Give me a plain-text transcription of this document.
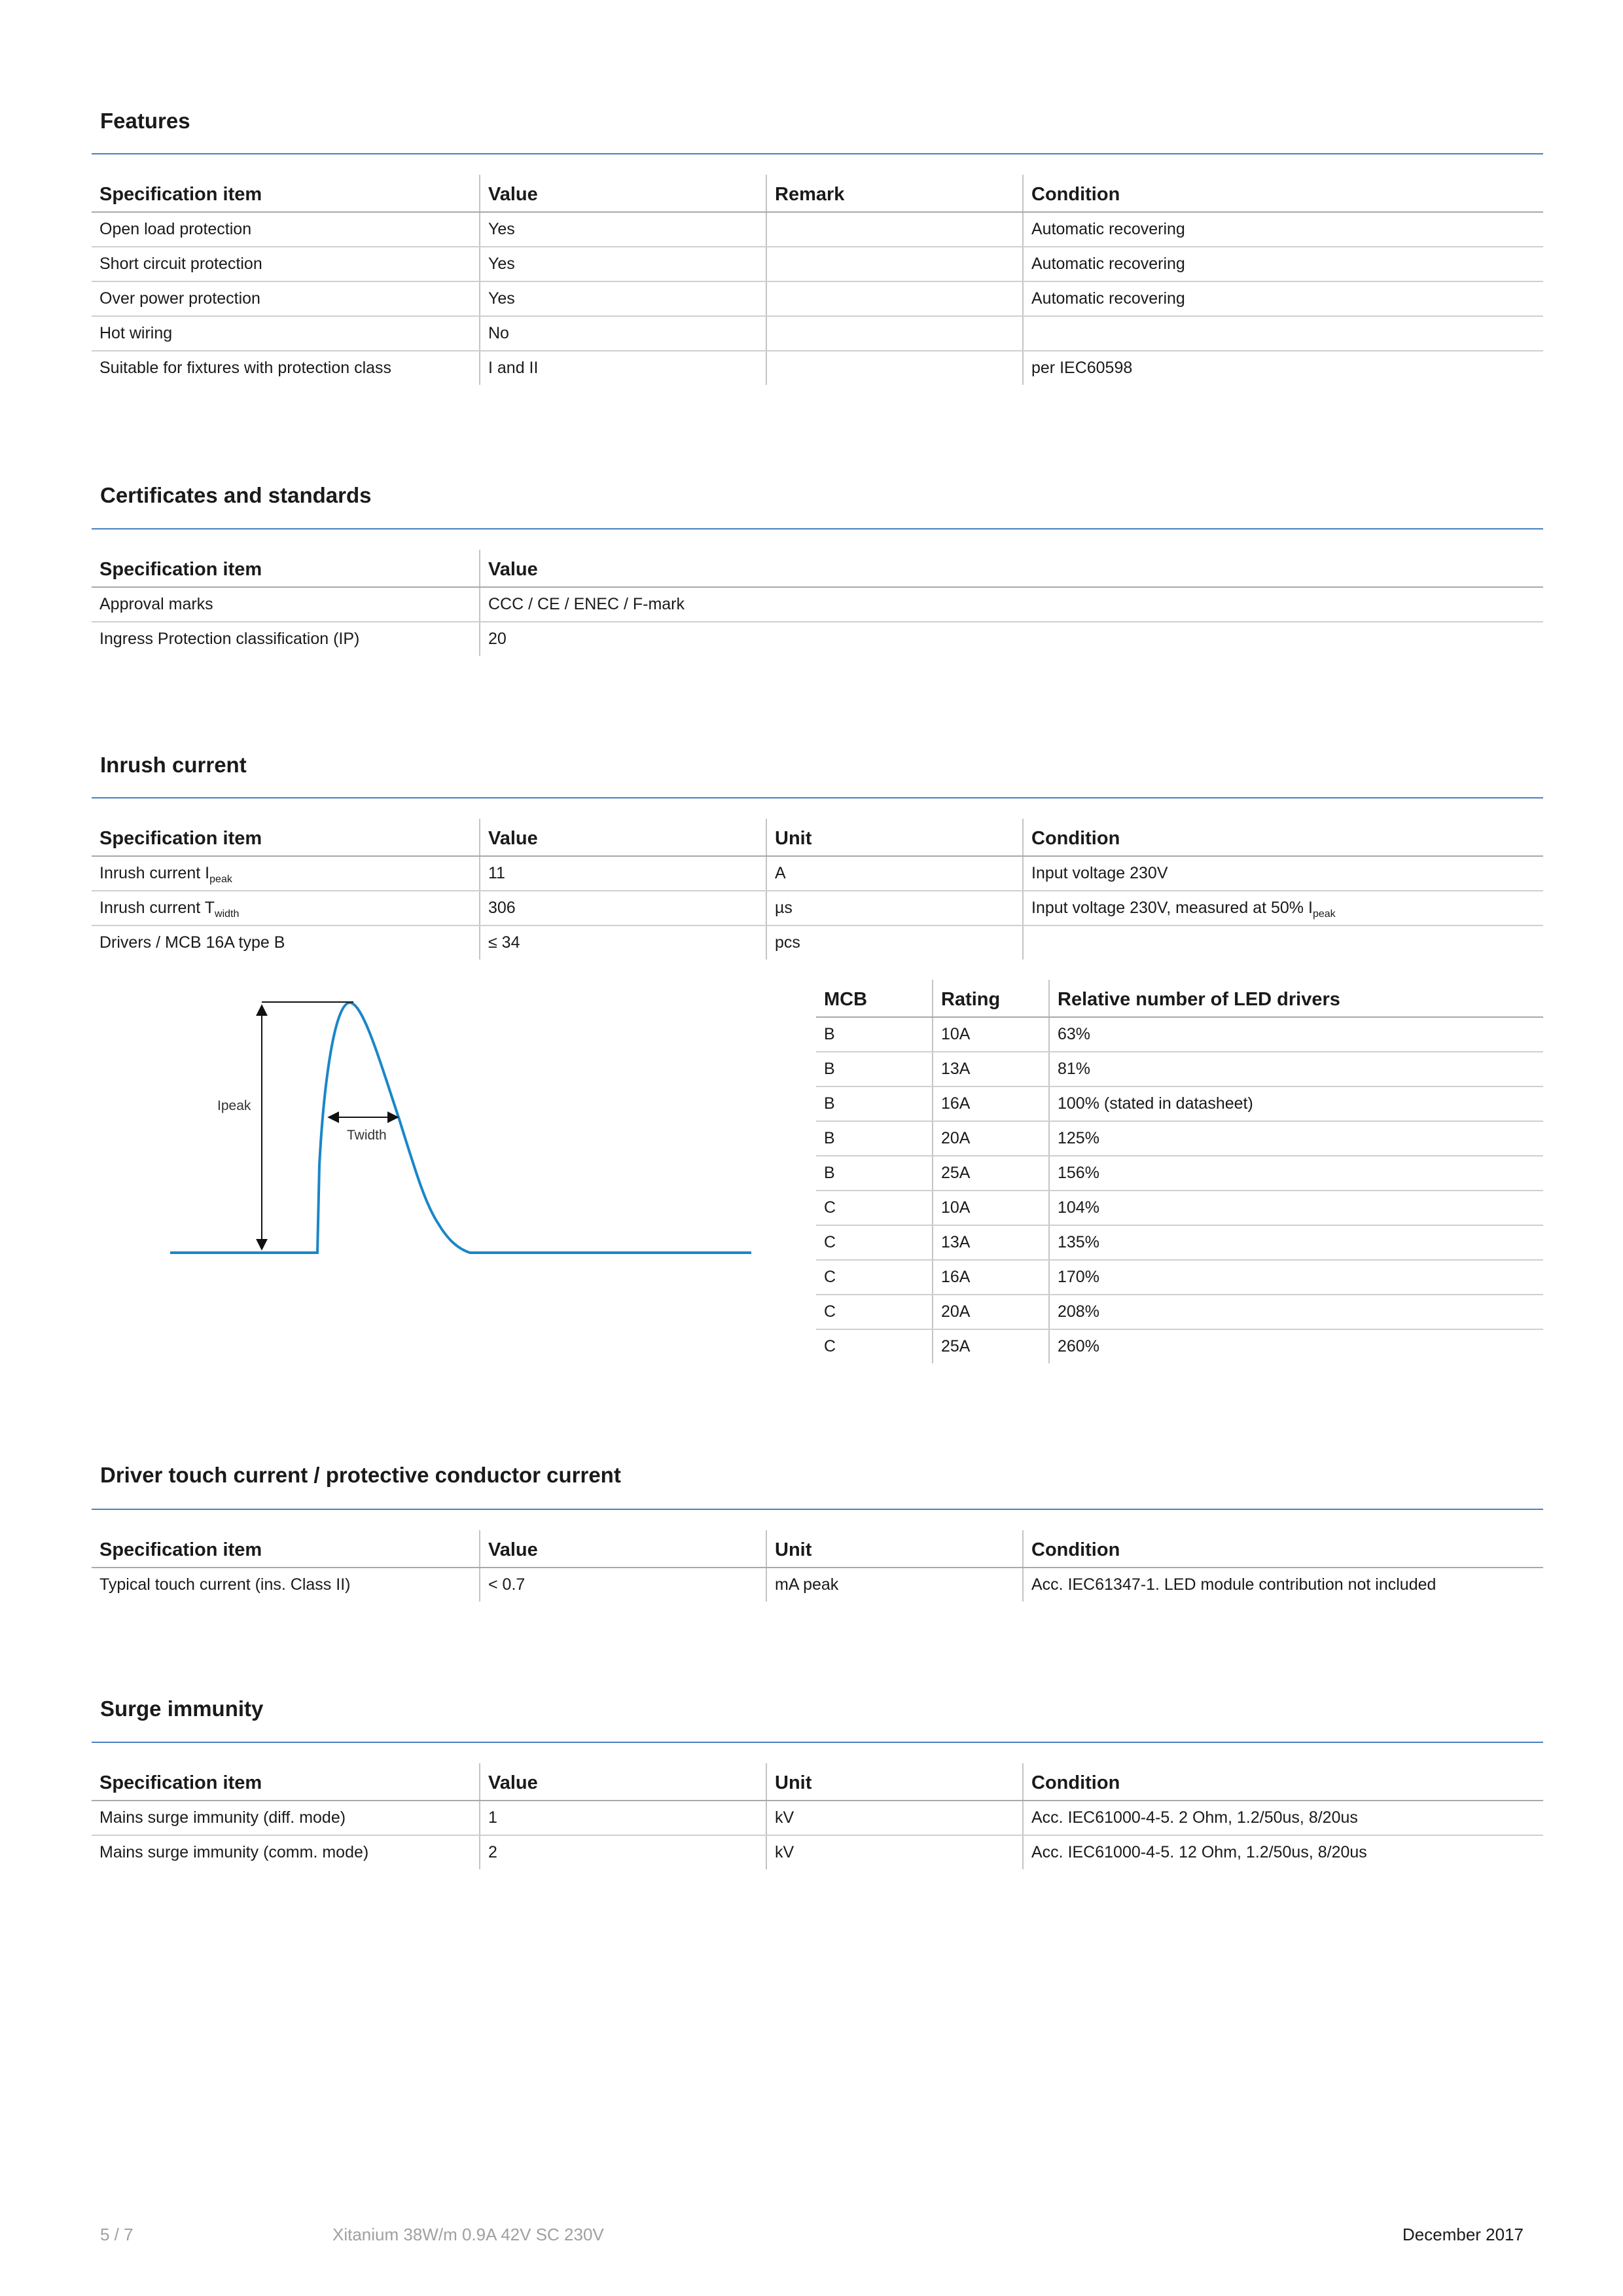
Features
Specification item	Value	Remark	Condition
Open load protection	Yes		Automatic recovering
Short circuit protection	Yes		Automatic recovering
Over power protection	Yes		Automatic recovering
Hot wiring	No		
Suitable for fixtures with protection class	I and II		per IEC60598
Certificates and standards
Specification item	Value
Approval marks	CCC / CE / ENEC / F-mark
Ingress Protection classification (IP)	20
Inrush current
Specification item	Value	Unit	Condition
Inrush current $I_{peak}$	11	A	Input voltage 230V
Inrush current $T_{width}$	306	µs	Input voltage 230V, measured at 50% $I_{peak}$
Drivers / MCB 16A type B	≤ 34	pcs	
Ipeak
Twidth
MCB	Rating	Relative number of LED drivers
B	10A	63%
B	13A	81%
B	16A	100% (stated in datasheet)
B	20A	125%
B	25A	156%
C	10A	104%
C	13A	135%
C	16A	170%
C	20A	208%
C	25A	260%
Driver touch current / protective conductor current
Specification item	Value	Unit	Condition
Typical touch current (ins. Class II)	< 0.7	mA peak	Acc. IEC61347-1. LED module contribution not included
Surge immunity
Specification item	Value	Unit	Condition
Mains surge immunity (diff. mode)	1	kV	Acc. IEC61000-4-5. 2 Ohm, 1.2/50us, 8/20us
Mains surge immunity (comm. mode)	2	kV	Acc. IEC61000-4-5. 12 Ohm, 1.2/50us, 8/20us
5 / 7	Xitanium 38W/m 0.9A 42V SC 230V	December 2017
